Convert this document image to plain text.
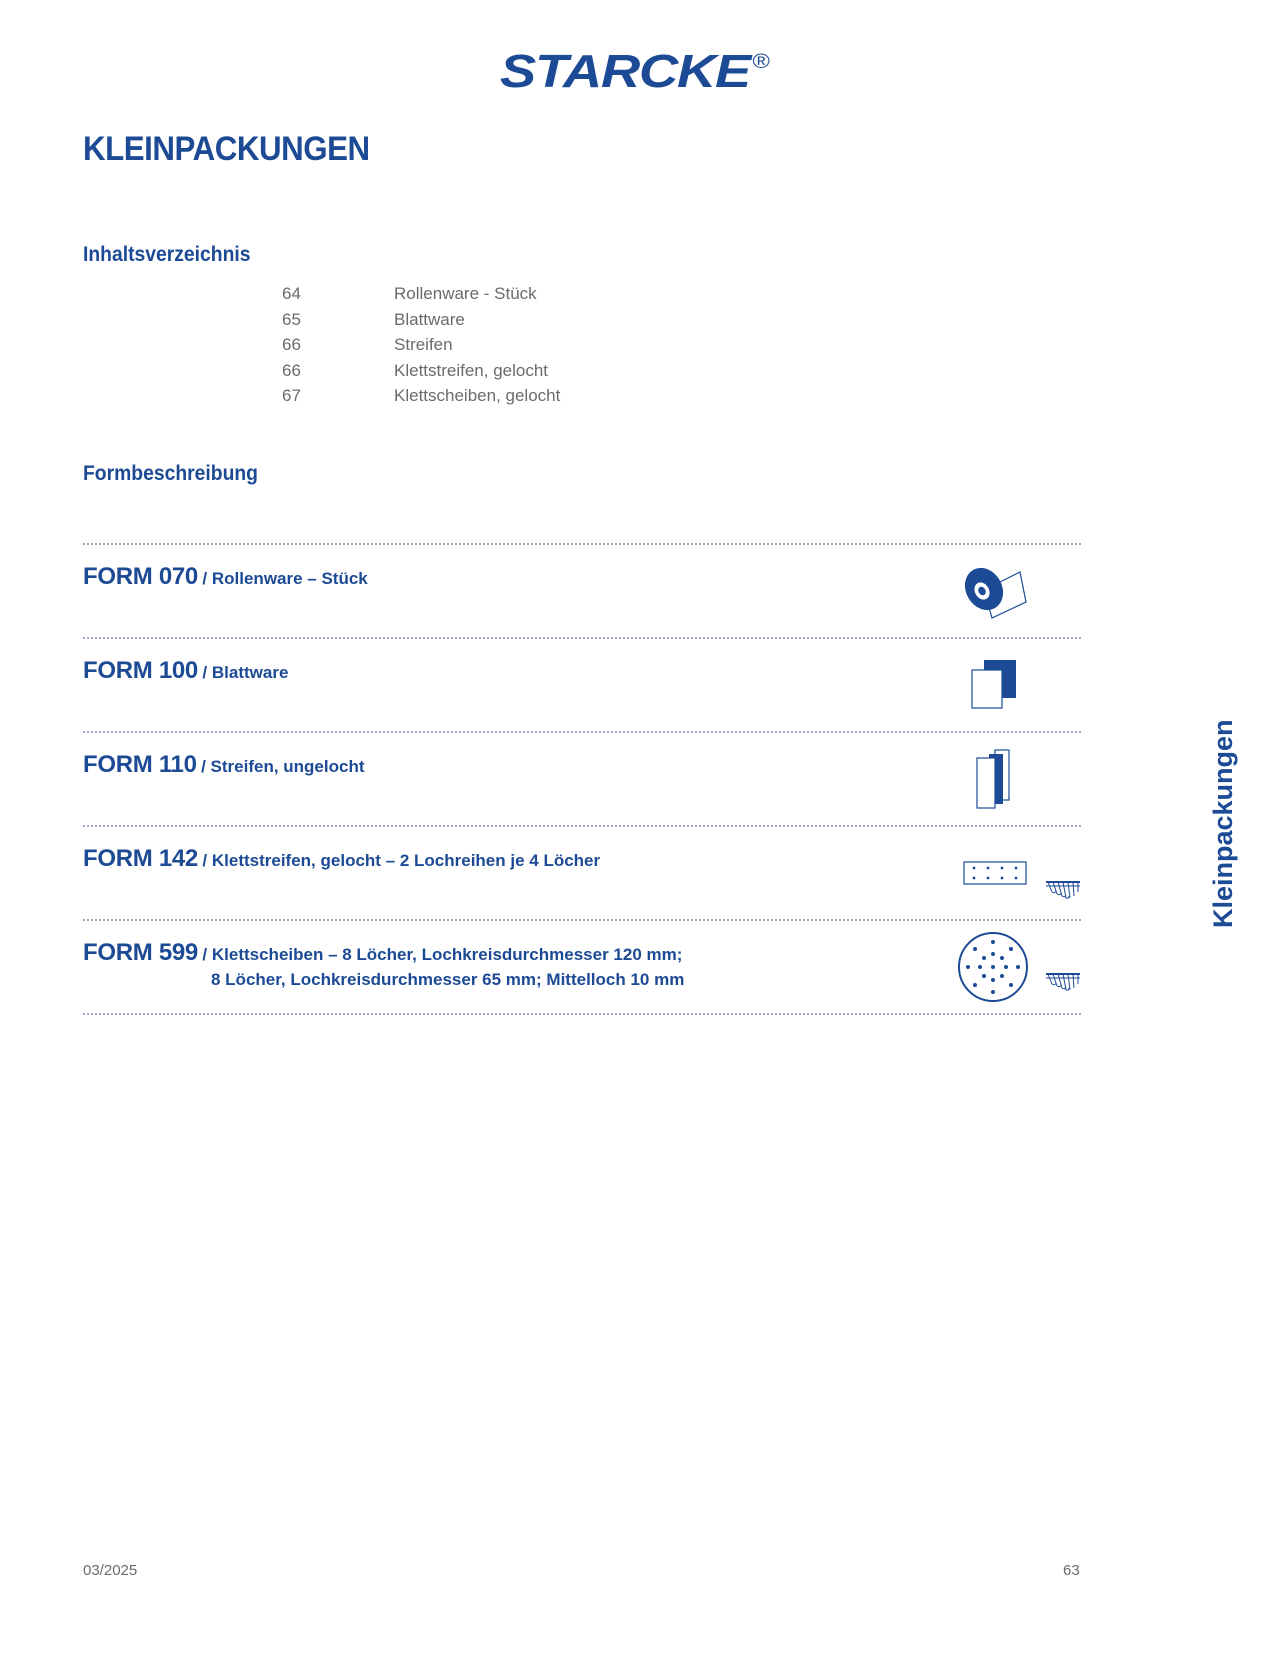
STARCKE ®
KLEINPACKUNGEN
Inhaltsverzeichnis
64	Rollenware - Stück
65	Blattware
66	Streifen
66	Klettstreifen, gelocht
67	Klettscheiben, gelocht
Formbeschreibung
FORM 070 / Rollenware – Stück
FORM 100 / Blattware
FORM 110 / Streifen, ungelocht
FORM 142 / Klettstreifen, gelocht – 2 Lochreihen je 4 Löcher
FORM 599 / Klettscheiben – 8 Löcher, Lochkreisdurchmesser 120 mm;
8 Löcher, Lochkreisdurchmesser 65 mm; Mittelloch 10 mm
Kleinpackungen
03/2025	63
